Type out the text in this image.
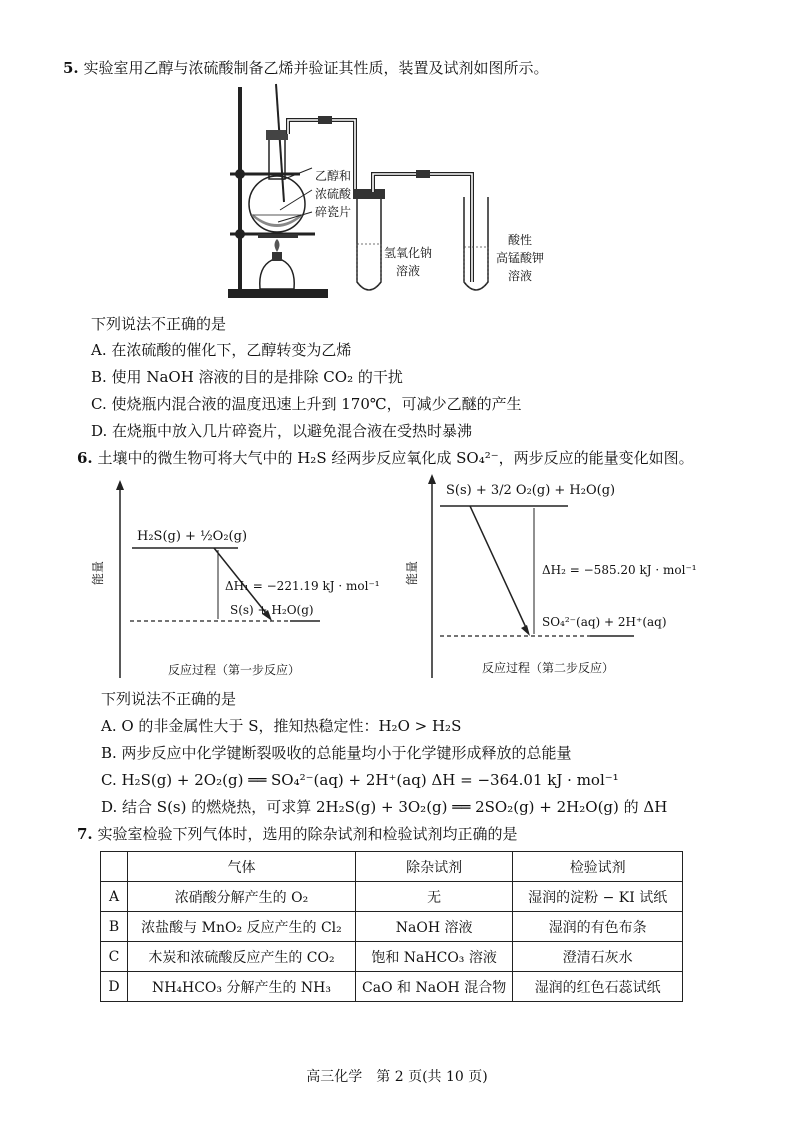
5. 实验室用乙醇与浓硫酸制备乙烯并验证其性质，装置及试剂如图所示。
乙醇和
浓硫酸
碎瓷片
氢氧化钠
溶液
酸性
高锰酸钾
溶液
下列说法不正确的是
A. 在浓硫酸的催化下，乙醇转变为乙烯
B. 使用 NaOH 溶液的目的是排除 CO₂ 的干扰
C. 使烧瓶内混合液的温度迅速上升到 170℃，可减少乙醚的产生
D. 在烧瓶中放入几片碎瓷片，以避免混合液在受热时暴沸
6. 土壤中的微生物可将大气中的 H₂S 经两步反应氧化成 SO₄²⁻，两步反应的能量变化如图。
能量
H₂S(g) + ½O₂(g)
ΔH₁ = −221.19 kJ · mol⁻¹
S(s) + H₂O(g)
反应过程（第一步反应）
能量
S(s) + 3/2 O₂(g) + H₂O(g)
ΔH₂ = −585.20 kJ · mol⁻¹
SO₄²⁻(aq) + 2H⁺(aq)
反应过程（第二步反应）
下列说法不正确的是
A. O 的非金属性大于 S，推知热稳定性：H₂O > H₂S
B. 两步反应中化学键断裂吸收的总能量均小于化学键形成释放的总能量
C. H₂S(g) + 2O₂(g) ══ SO₄²⁻(aq) + 2H⁺(aq) ΔH = −364.01 kJ · mol⁻¹
D. 结合 S(s) 的燃烧热，可求算 2H₂S(g) + 3O₂(g) ══ 2SO₂(g) + 2H₂O(g) 的 ΔH
7. 实验室检验下列气体时，选用的除杂试剂和检验试剂均正确的是
	气体	除杂试剂	检验试剂
A	浓硝酸分解产生的 O₂	无	湿润的淀粉 − KI 试纸
B	浓盐酸与 MnO₂ 反应产生的 Cl₂	NaOH 溶液	湿润的有色布条
C	木炭和浓硫酸反应产生的 CO₂	饱和 NaHCO₃ 溶液	澄清石灰水
D	NH₄HCO₃ 分解产生的 NH₃	CaO 和 NaOH 混合物	湿润的红色石蕊试纸
高三化学　第 2 页(共 10 页)
